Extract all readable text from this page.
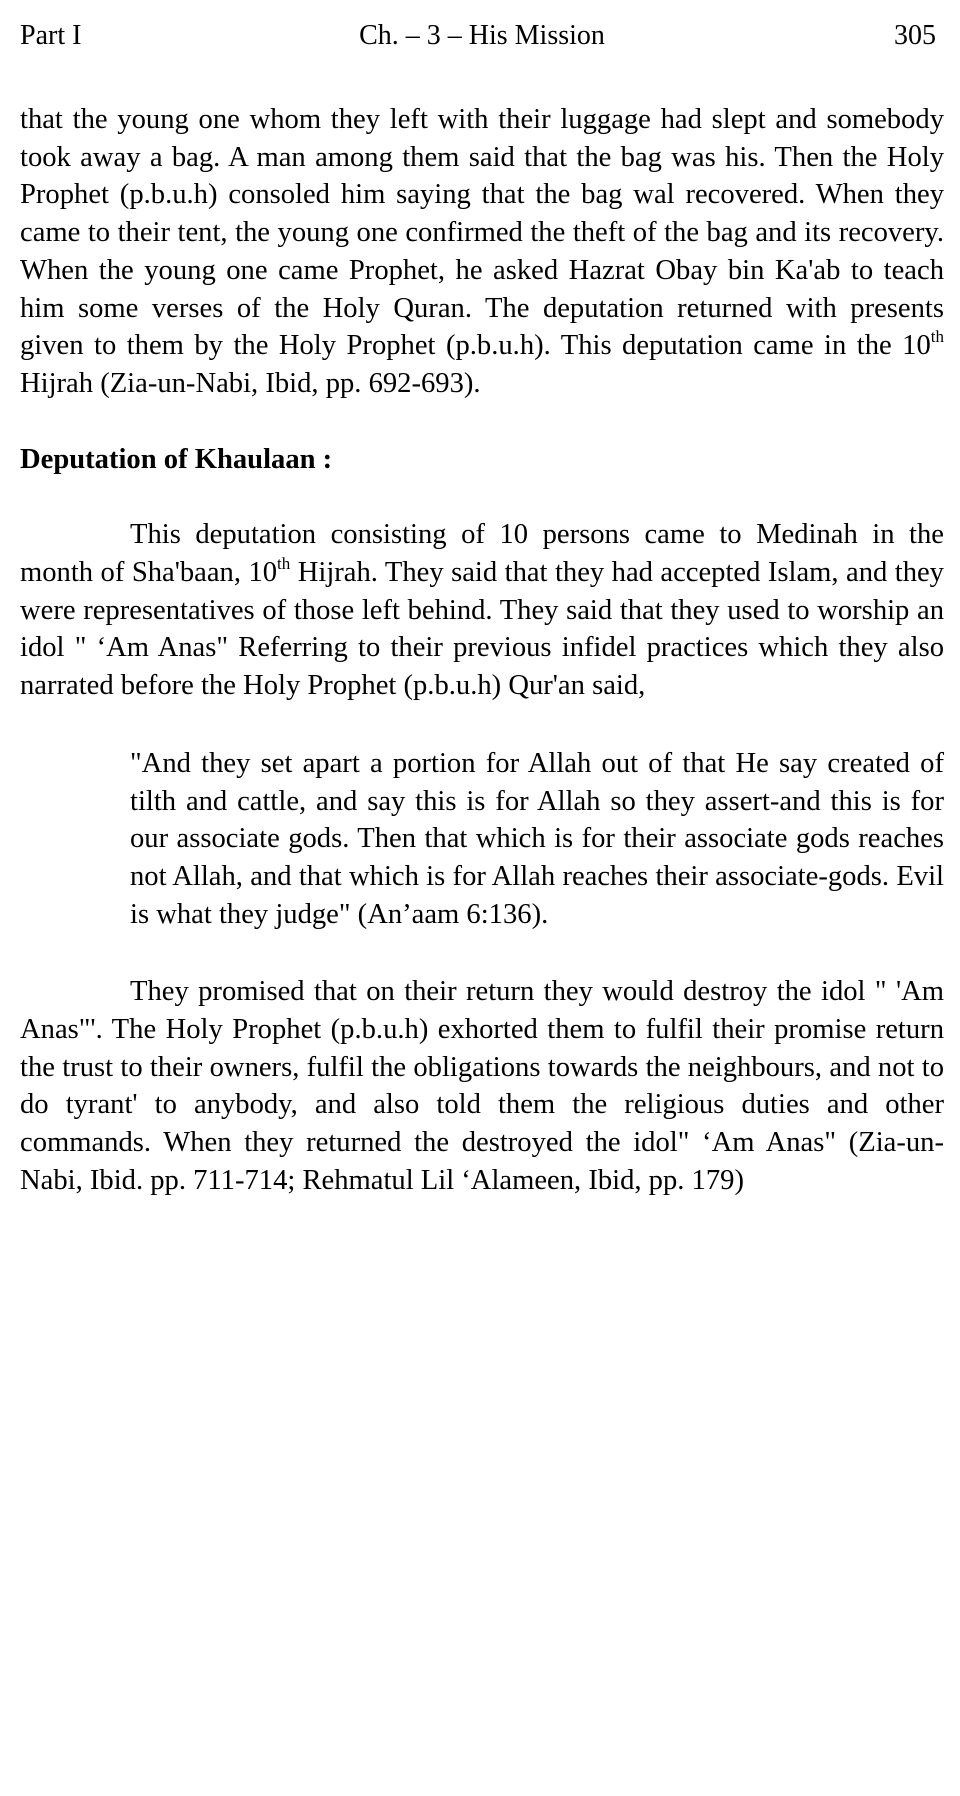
Part I	Ch. – 3 – His Mission	305

that the young one whom they left with their luggage had slept and somebody took away a bag. A man among them said that the bag was his. Then the Holy Prophet (p.b.u.h) consoled him saying that the bag wal recovered. When they came to their tent, the young one confirmed the theft of the bag and its recovery. When the young one came Prophet, he asked Hazrat Obay bin Ka'ab to teach him some verses of the Holy Quran. The deputation returned with presents given to them by the Holy Prophet (p.b.u.h). This deputation came in the 10th Hijrah (Zia-un-Nabi, Ibid, pp. 692-693).

Deputation of Khaulaan :

This deputation consisting of 10 persons came to Medinah in the month of Sha'baan, 10th Hijrah. They said that they had accepted Islam, and they were representatives of those left behind. They said that they used to worship an idol " ‘Am Anas" Referring to their previous infidel practices which they also narrated before the Holy Prophet (p.b.u.h) Qur'an said,

"And they set apart a portion for Allah out of that He say created of tilth and cattle, and say this is for Allah so they assert-and this is for our associate gods. Then that which is for their associate gods reaches not Allah, and that which is for Allah reaches their associate-gods. Evil is what they judge" (An’aam 6:136).

They promised that on their return they would destroy the idol " 'Am Anas"'. The Holy Prophet (p.b.u.h) exhorted them to fulfil their promise return the trust to their owners, fulfil the obligations towards the neighbours, and not to do tyrant' to anybody, and also told them the religious duties and other commands. When they returned the destroyed the idol" ‘Am Anas" (Zia-un-Nabi, Ibid. pp. 711-714; Rehmatul Lil ‘Alameen, Ibid, pp. 179)
